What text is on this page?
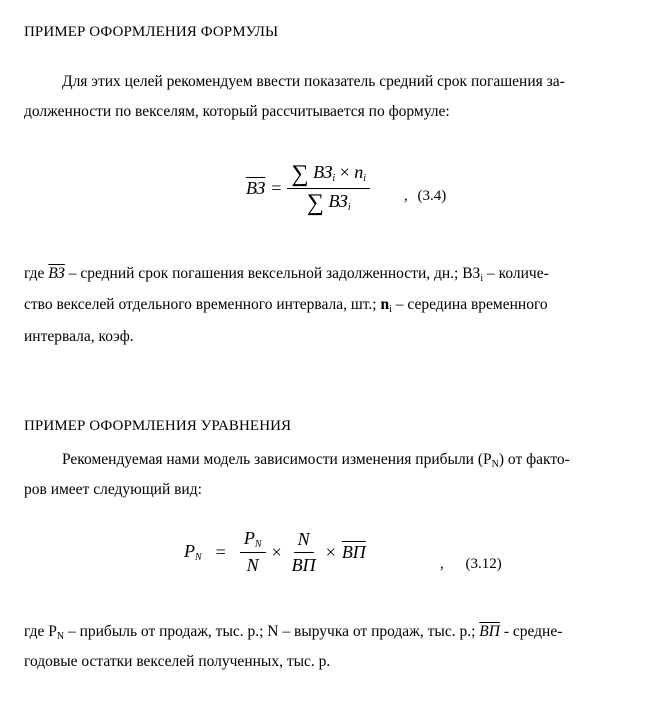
ПРИМЕР ОФОРМЛЕНИЯ ФОРМУЛЫ
Для этих целей рекомендуем ввести показатель средний срок погашения за-
долженности по векселям, который рассчитывается по формуле:
ВЗ = $\frac{\sum ВЗ_i \times n_i}{\sum ВЗ_i}$ , (3.4)
где ВЗ – средний срок погашения вексельной задолженности, дн.; $ВЗ_i$ – количе-
ство векселей отдельного временного интервала, шт.; $n_i$ – середина временного
интервала, коэф.
ПРИМЕР ОФОРМЛЕНИЯ УРАВНЕНИЯ
Рекомендуемая нами модель зависимости изменения прибыли $(P_N)$ от факто-
ров имеет следующий вид:
$P_N = \frac{P_N}{N} \times \frac{N}{ВП}$ × ВП
, (3.12)
где $P_N$ – прибыль от продаж, тыс. р.; N – выручка от продаж, тыс. р.; ВП - средне-
годовые остатки векселей полученных, тыс. р.
